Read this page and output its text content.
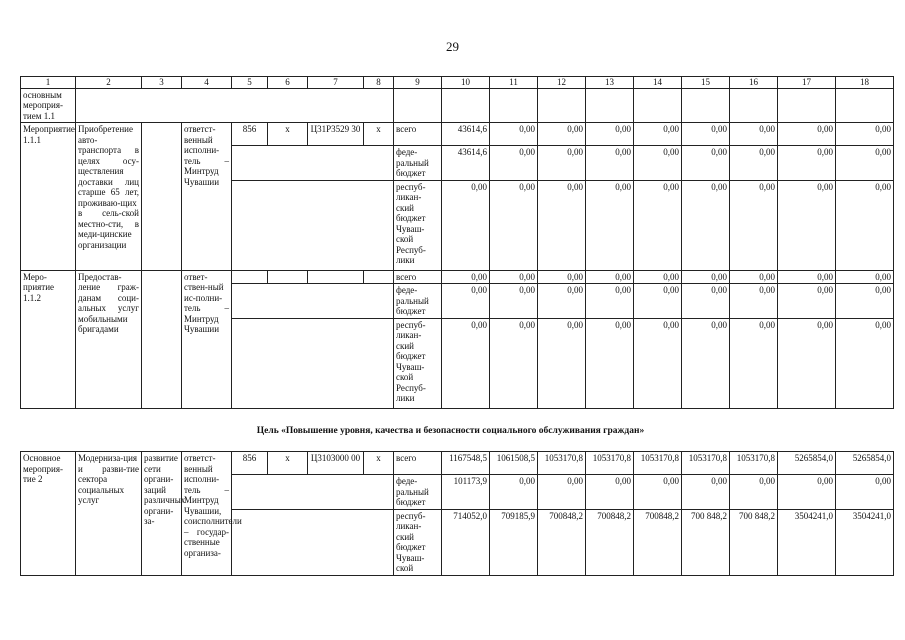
29
1	2	3	4	5	6	7	8	9	10	11	12	13	14	15	16	17	18
основным мероприя-тием 1.1																	
Мероприятие 1.1.1	Приобретение авто-транспорта в целях осу-ществления доставки лиц старше 65 лет, проживаю-щих в сель-ской местно-сти, в меди-цинские организации		ответст-венный исполни-тель – Минтруд Чувашии	856	х	Ц31Р3529 30	х	всего	43614,6	0,00	0,00	0,00	0,00	0,00	0,00	0,00	0,00
								феде-ральный бюджет	43614,6	0,00	0,00	0,00	0,00	0,00	0,00	0,00	0,00
								респуб-ликан-ский бюджет Чуваш-ской Респуб-лики	0,00	0,00	0,00	0,00	0,00	0,00	0,00	0,00	0,00
Меро-приятие 1.1.2	Предостав-ление граж-данам соци-альных услуг мобильными бригадами		ответ-ствен-ный ис-полни-тель – Минтруд Чувашии					всего	0,00	0,00	0,00	0,00	0,00	0,00	0,00	0,00	0,00
								феде-ральный бюджет	0,00	0,00	0,00	0,00	0,00	0,00	0,00	0,00	0,00
								респуб-ликан-ский бюджет Чуваш-ской Респуб-лики	0,00	0,00	0,00	0,00	0,00	0,00	0,00	0,00	0,00
Цель «Повышение уровня, качества и безопасности социального обслуживания граждан»
Основное мероприя-тие 2	Модерниза-ция и разви-тие сектора социальных услуг	развитие сети органи-заций различных органи-за-	ответст-венный исполни-тель – Минтруд Чувашии, соисполнители – государ-ственные организа-	856	х	Ц3103000 00	х	всего	1167548,5	1061508,5	1053170,8	1053170,8	1053170,8	1053170,8	1053170,8	5265854,0	5265854,0
								феде-ральный бюджет	101173,9	0,00	0,00	0,00	0,00	0,00	0,00	0,00	0,00
								респуб-ликан-ский бюджет Чуваш-ской	714052,0	709185,9	700848,2	700848,2	700848,2	700 848,2	700 848,2	3504241,0	3504241,0
